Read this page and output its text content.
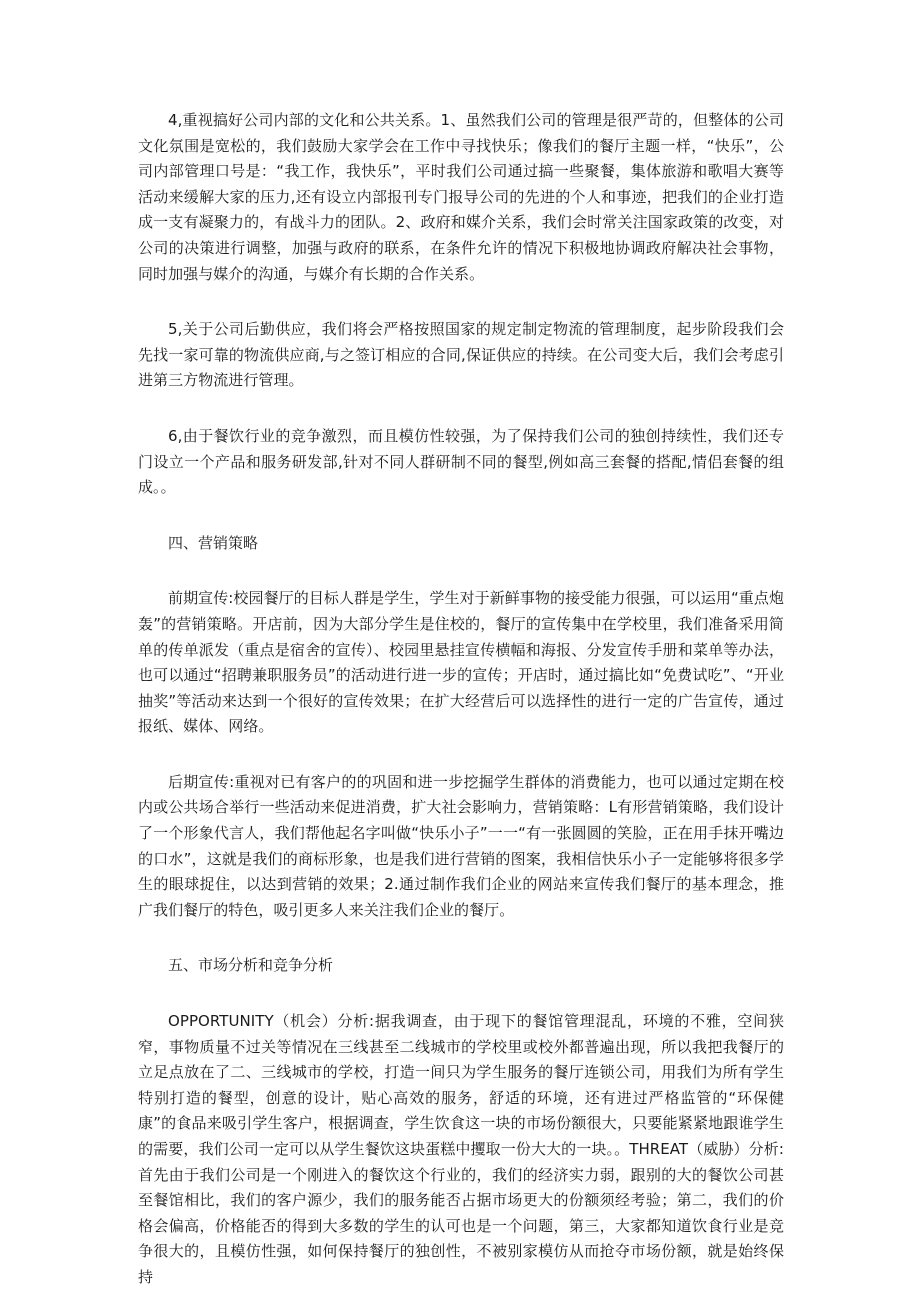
4,重视搞好公司内部的文化和公共关系。1、虽然我们公司的管理是很严苛的，但整体的公司文化氛围是宽松的，我们鼓励大家学会在工作中寻找快乐；像我们的餐厅主题一样，“快乐”，公司内部管理口号是：“我工作，我快乐”，平时我们公司通过搞一些聚餐，集体旅游和歌唱大赛等活动来缓解大家的压力,还有设立内部报刊专门报导公司的先进的个人和事迹，把我们的企业打造成一支有凝聚力的，有战斗力的团队。2、政府和媒介关系，我们会时常关注国家政策的改变，对公司的决策进行调整，加强与政府的联系，在条件允许的情况下积极地协调政府解决社会事物，同时加强与媒介的沟通，与媒介有长期的合作关系。

5,关于公司后勤供应，我们将会严格按照国家的规定制定物流的管理制度，起步阶段我们会先找一家可靠的物流供应商,与之签订相应的合同,保证供应的持续。在公司变大后，我们会考虑引进第三方物流进行管理。

6,由于餐饮行业的竞争激烈，而且模仿性较强，为了保持我们公司的独创持续性，我们还专门设立一个产品和服务研发部,针对不同人群研制不同的餐型,例如高三套餐的搭配,情侣套餐的组成。。

四、营销策略

前期宣传:校园餐厅的目标人群是学生，学生对于新鲜事物的接受能力很强，可以运用“重点炮轰”的营销策略。开店前，因为大部分学生是住校的，餐厅的宣传集中在学校里，我们准备采用简单的传单派发（重点是宿舍的宣传）、校园里悬挂宣传横幅和海报、分发宣传手册和菜单等办法，也可以通过“招聘兼职服务员”的活动进行进一步的宣传；开店时，通过搞比如“免费试吃”、“开业抽奖”等活动来达到一个很好的宣传效果；在扩大经营后可以选择性的进行一定的广告宣传，通过报纸、媒体、网络。

后期宣传:重视对已有客户的的巩固和进一步挖掘学生群体的消费能力，也可以通过定期在校内或公共场合举行一些活动来促进消费，扩大社会影响力，营销策略：L有形营销策略，我们设计了一个形象代言人，我们帮他起名字叫做“快乐小子”一一“有一张圆圆的笑脸，正在用手抹开嘴边的口水”，这就是我们的商标形象，也是我们进行营销的图案，我相信快乐小子一定能够将很多学生的眼球捉住，以达到营销的效果；2.通过制作我们企业的网站来宣传我们餐厅的基本理念，推广我们餐厅的特色，吸引更多人来关注我们企业的餐厅。

五、市场分析和竞争分析

OPPORTUNITY（机会）分析:据我调查，由于现下的餐馆管理混乱，环境的不雅，空间狭窄，事物质量不过关等情况在三线甚至二线城市的学校里或校外都普遍出现，所以我把我餐厅的立足点放在了二、三线城市的学校，打造一间只为学生服务的餐厅连锁公司，用我们为所有学生特别打造的餐型，创意的设计，贴心高效的服务，舒适的环境，还有进过严格监管的“环保健康”的食品来吸引学生客户，根据调查，学生饮食这一块的市场份额很大，只要能紧紧地跟谁学生的需要，我们公司一定可以从学生餐饮这块蛋糕中攫取一份大大的一块。。THREAT（威胁）分析:首先由于我们公司是一个刚进入的餐饮这个行业的，我们的经济实力弱，跟别的大的餐饮公司甚至餐馆相比，我们的客户源少，我们的服务能否占据市场更大的份额须经考验；第二，我们的价格会偏高，价格能否的得到大多数的学生的认可也是一个问题，第三，大家都知道饮食行业是竞争很大的，且模仿性强，如何保持餐厅的独创性，不被别家模仿从而抢夺市场份额，就是始终保持
